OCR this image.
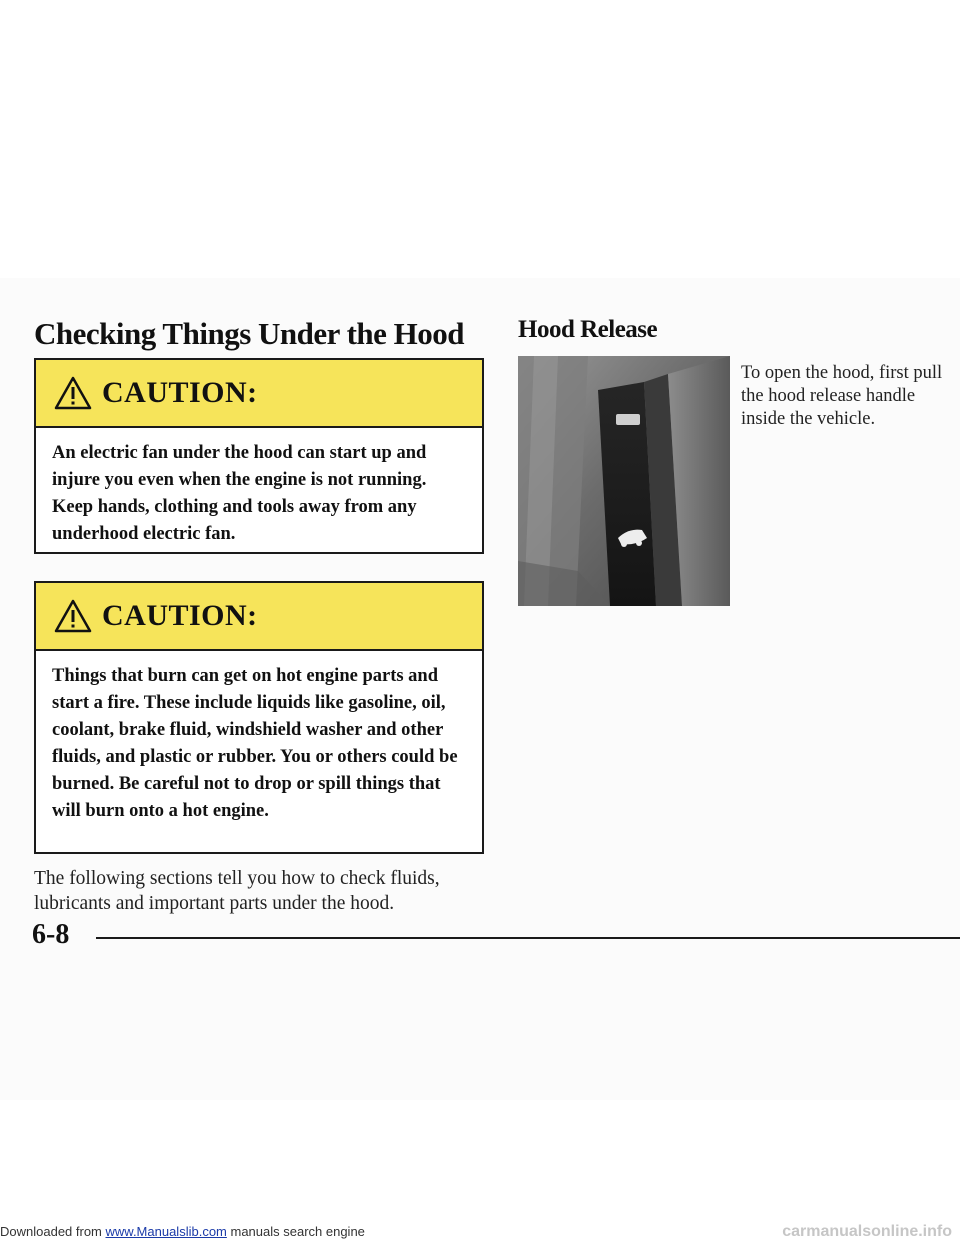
Checking Things Under the Hood Hood Release
CAUTION:
An electric fan under the hood can start up and injure you even when the engine is not running. Keep hands, clothing and tools away from any underhood electric fan.
CAUTION:
Things that burn can get on hot engine parts and start a fire. These include liquids like gasoline, oil, coolant, brake fluid, windshield washer and other fluids, and plastic or rubber. You or others could be burned. Be careful not to drop or spill things that will burn onto a hot engine.

The following sections tell you how to check fluids, lubricants and important parts under the hood.

To open the hood, first pull
the hood release handle
inside the vehicle.

6-8

Downloaded from www.Manualslib.com manuals search engine	carmanualsonline.info
